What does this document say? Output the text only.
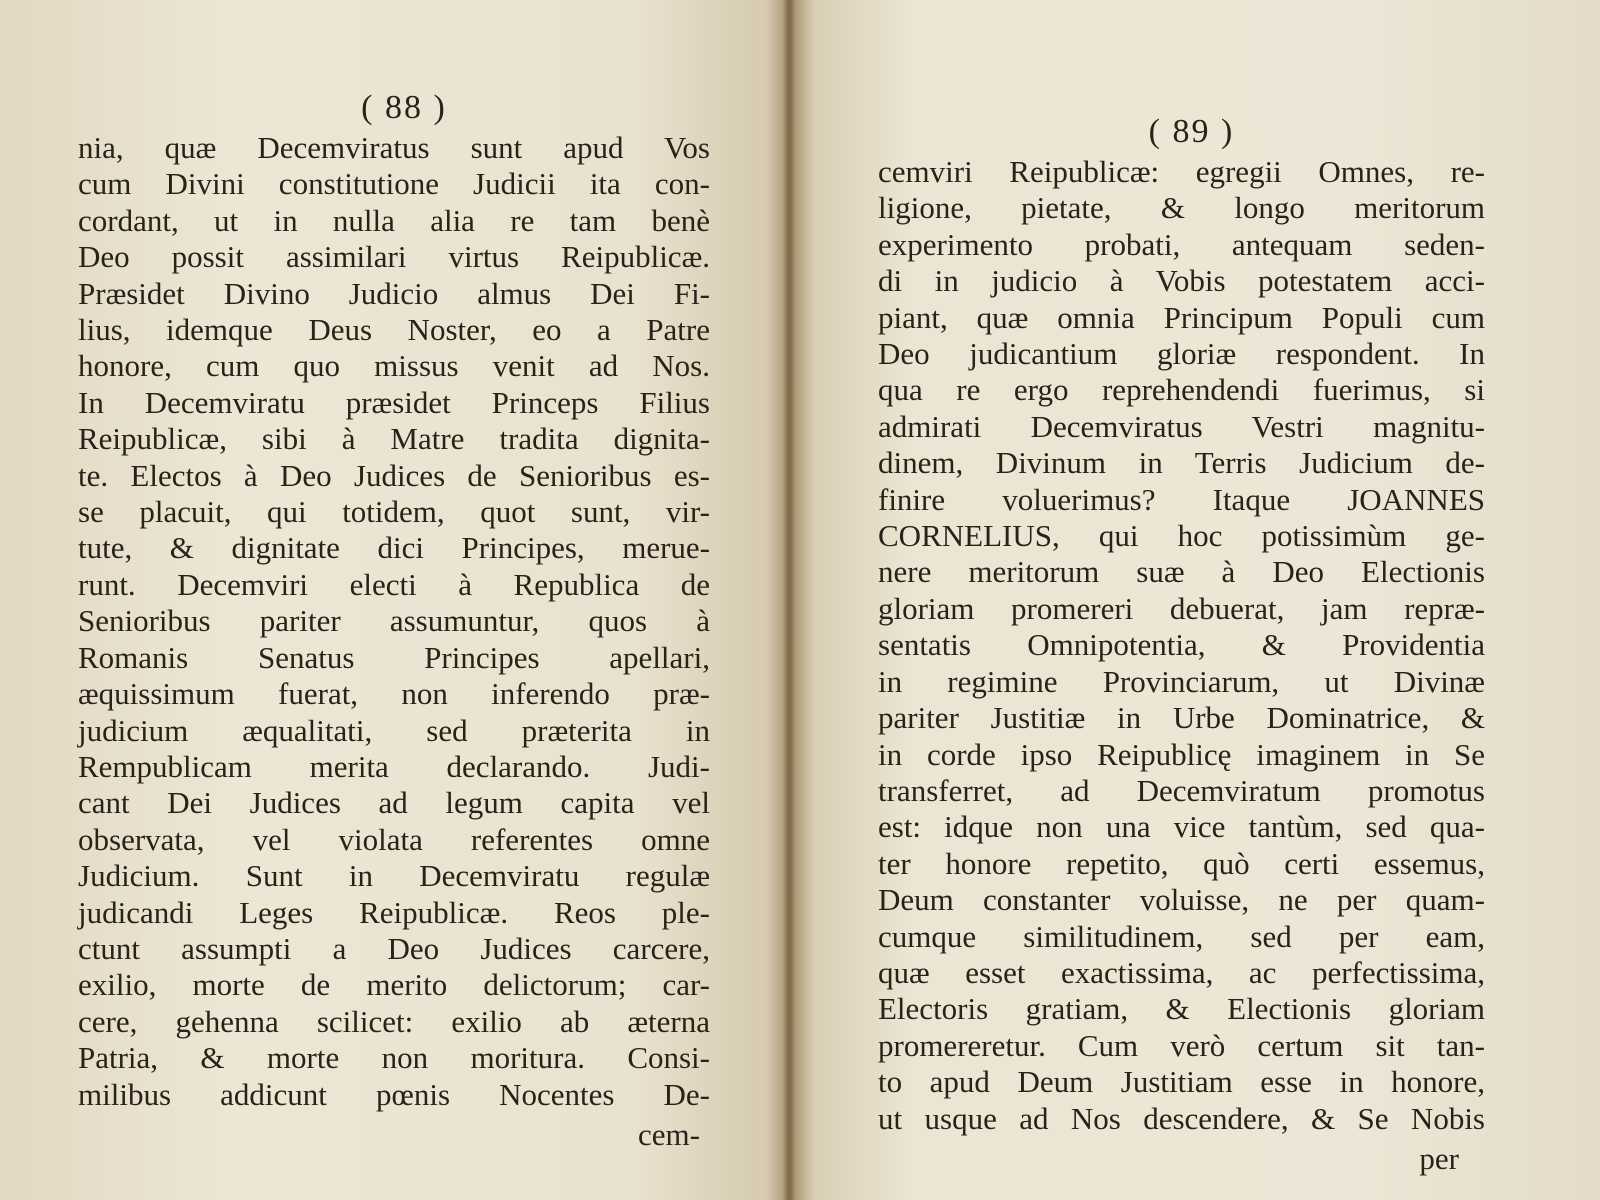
( 88 )
nia, quæ Decemviratus sunt apud Vos
cum Divini constitutione Judicii ita con-
cordant, ut in nulla alia re tam benè
Deo possit assimilari virtus Reipublicæ.
Præsidet Divino Judicio almus Dei Fi-
lius, idemque Deus Noster, eo a Patre
honore, cum quo missus venit ad Nos.
In Decemviratu præsidet Princeps Filius
Reipublicæ, sibi à Matre tradita dignita-
te. Electos à Deo Judices de Senioribus es-
se placuit, qui totidem, quot sunt, vir-
tute, & dignitate dici Principes, merue-
runt. Decemviri electi à Republica de
Senioribus pariter assumuntur, quos à
Romanis Senatus Principes apellari,
æquissimum fuerat, non inferendo præ-
judicium æqualitati, sed præterita in
Rempublicam merita declarando. Judi-
cant Dei Judices ad legum capita vel
observata, vel violata referentes omne
Judicium. Sunt in Decemviratu regulæ
judicandi Leges Reipublicæ. Reos ple-
ctunt assumpti a Deo Judices carcere,
exilio, morte de merito delictorum; car-
cere, gehenna scilicet: exilio ab æterna
Patria, & morte non moritura. Consi-
milibus addicunt pœnis Nocentes De-
cem-
( 89 )
cemviri Reipublicæ: egregii Omnes, re-
ligione, pietate, & longo meritorum
experimento probati, antequam seden-
di in judicio à Vobis potestatem acci-
piant, quæ omnia Principum Populi cum
Deo judicantium gloriæ respondent. In
qua re ergo reprehendendi fuerimus, si
admirati Decemviratus Vestri magnitu-
dinem, Divinum in Terris Judicium de-
finire voluerimus? Itaque JOANNES
CORNELIUS, qui hoc potissimùm ge-
nere meritorum suæ à Deo Electionis
gloriam promereri debuerat, jam repræ-
sentatis Omnipotentia, & Providentia
in regimine Provinciarum, ut Divinæ
pariter Justitiæ in Urbe Dominatrice, &
in corde ipso Reipublicę imaginem in Se
transferret, ad Decemviratum promotus
est: idque non una vice tantùm, sed qua-
ter honore repetito, quò certi essemus,
Deum constanter voluisse, ne per quam-
cumque similitudinem, sed per eam,
quæ esset exactissima, ac perfectissima,
Electoris gratiam, & Electionis gloriam
promereretur. Cum verò certum sit tan-
to apud Deum Justitiam esse in honore,
ut usque ad Nos descendere, & Se Nobis
per
